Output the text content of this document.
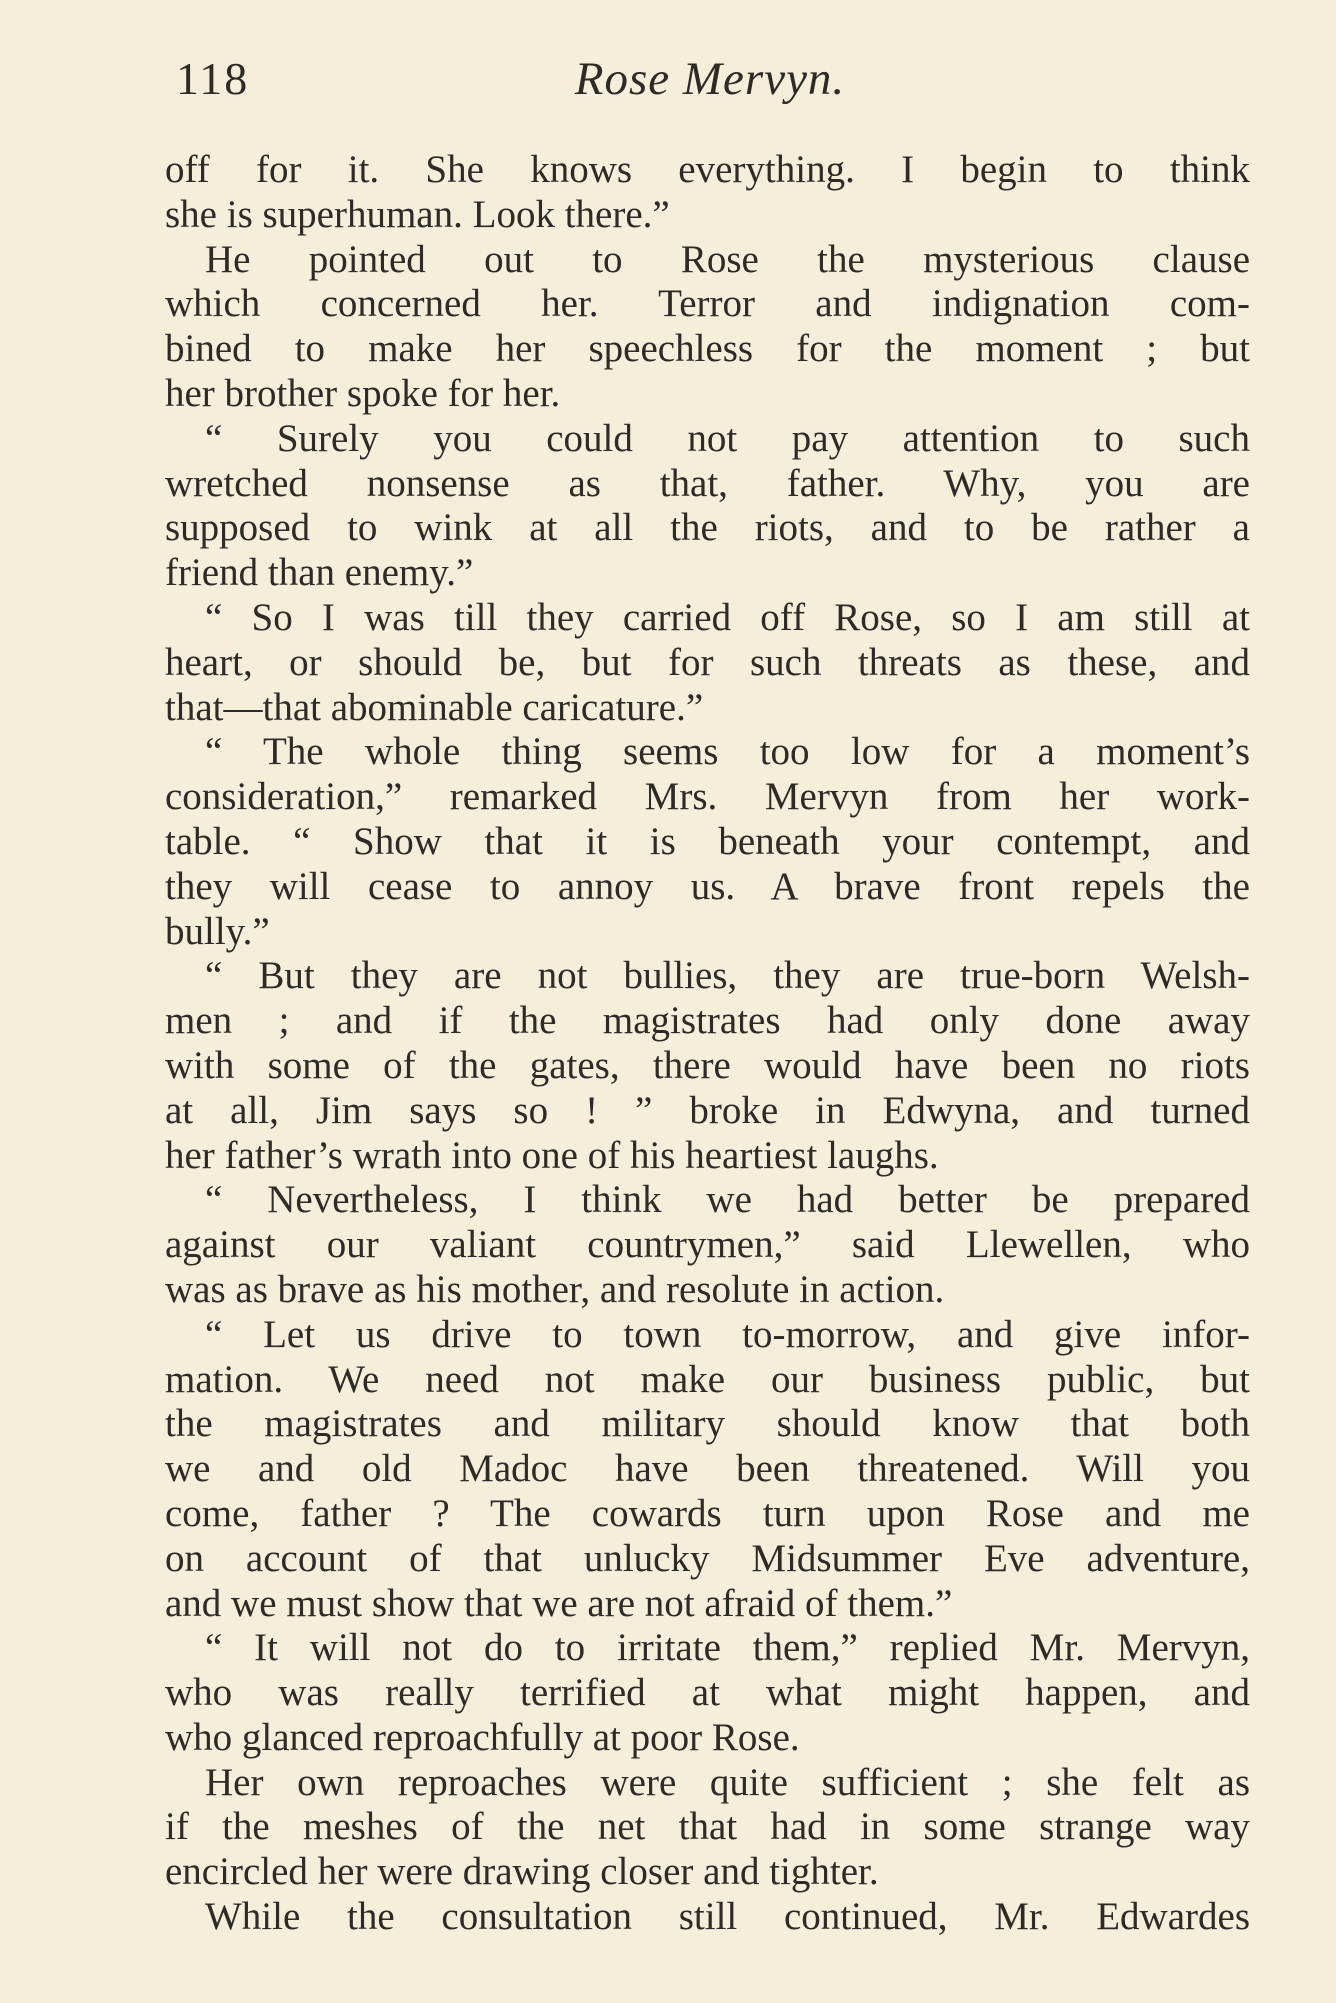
118	Rose Mervyn.
off for it. She knows everything. I begin to think
she is superhuman. Look there.”
He pointed out to Rose the mysterious clause
which concerned her. Terror and indignation com-
bined to make her speechless for the moment ; but
her brother spoke for her.
“ Surely you could not pay attention to such
wretched nonsense as that, father. Why, you are
supposed to wink at all the riots, and to be rather a
friend than enemy.”
“ So I was till they carried off Rose, so I am still at
heart, or should be, but for such threats as these, and
that—that abominable caricature.”
“ The whole thing seems too low for a moment’s
consideration,” remarked Mrs. Mervyn from her work-
table. “ Show that it is beneath your contempt, and
they will cease to annoy us. A brave front repels the
bully.”
“ But they are not bullies, they are true-born Welsh-
men ; and if the magistrates had only done away
with some of the gates, there would have been no riots
at all, Jim says so ! ” broke in Edwyna, and turned
her father’s wrath into one of his heartiest laughs.
“ Nevertheless, I think we had better be prepared
against our valiant countrymen,” said Llewellen, who
was as brave as his mother, and resolute in action.
“ Let us drive to town to-morrow, and give infor-
mation. We need not make our business public, but
the magistrates and military should know that both
we and old Madoc have been threatened. Will you
come, father ? The cowards turn upon Rose and me
on account of that unlucky Midsummer Eve adventure,
and we must show that we are not afraid of them.”
“ It will not do to irritate them,” replied Mr. Mervyn,
who was really terrified at what might happen, and
who glanced reproachfully at poor Rose.
Her own reproaches were quite sufficient ; she felt as
if the meshes of the net that had in some strange way
encircled her were drawing closer and tighter.
While the consultation still continued, Mr. Edwardes
